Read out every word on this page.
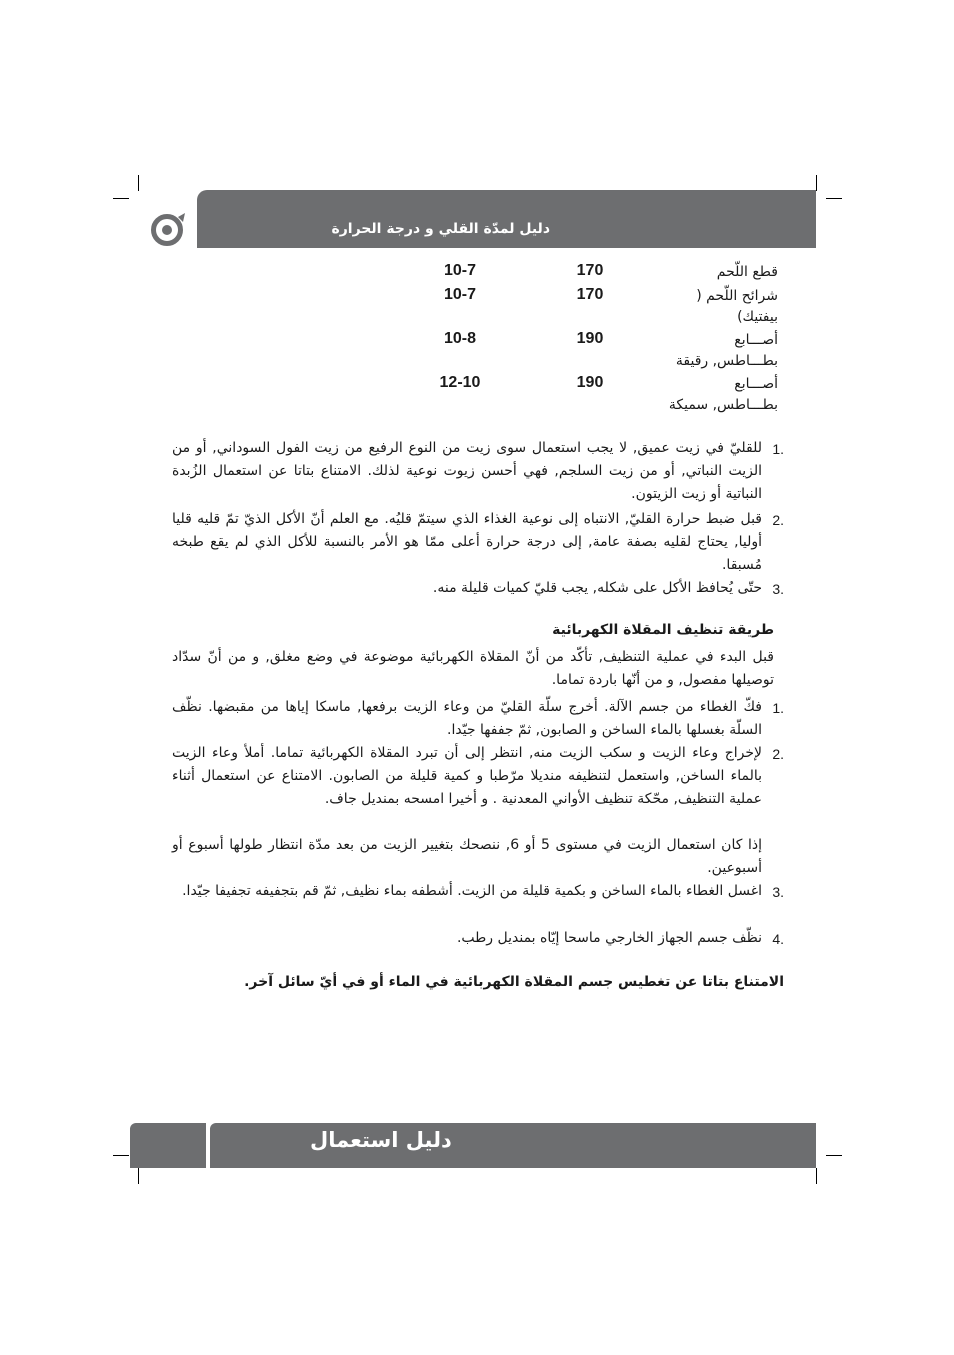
دليل لمدّة القلي و درجة الحرارة
10-7	170	قطع اللّحم
10-7	170	شرائح اللّحم ( بيفتيك)
10-8	190	أصـــابع بطـــاطس, رقيقة
12-10	190	أصـــابع بطـــاطس, سميكة
1.
للقليّ في زيت عميق, لا يجب استعمال سوى زيت من النوع الرفيع من زيت الفول السوداني, أو من الزيت النباتي, أو من زيت السلجم, فهي أحسن زيوت نوعية لذلك. الامتناع بتاتا عن استعمال الزُبدة النباتية أو زيت الزيتون.
2.
قبل ضبط حرارة القليّ, الانتباه إلى نوعية الغذاء الذي سيتمّ قليُه. مع العلم أنّ الأكل الذيّ تمّ قليه قليا أوليا, يحتاج لقليه بصفة عامة, إلى درجة حرارة أعلى ممّا هو الأمر بالنسبة للأكل الذي لم يقع طبخه مُسبقا.
3.
حتّى يُحافظ الأكل على شكله, يجب قليّ كميات قليلة منه.
طريقة تنظيف المقلاة الكهربائية
قبل البدء في عملية التنظيف, تأكّد من أنّ المقلاة الكهربائية موضوعة في وضع مغلق, و من أنّ سدّاد توصيلها مفصول, و من أنّها باردة تماما.
1.
فكّ الغطاء من جسم الآلة. أخرج سلّة القليّ من وعاء الزيت برفعها, ماسكا إياها من مقبضها. نظّف السلّة بغسلها بالماء الساخن و الصابون, ثمّ جففها جيّدا.
2.
لإخراج وعاء الزيت و سكب الزيت منه, انتظر إلى أن تبرد المقلاة الكهربائية تماما. أملأ وعاء الزيت بالماء الساخن, واستعمل لتنظيفه منديلا مرّطبا و كمية قليلة من الصابون. الامتناع عن استعمال أثناء عملية التنظيف, محّكة تنظيف الأواني المعدنية . و أخيرا امسحه بمنديل جاف.
إذا كان استعمال الزيت في مستوى 5 أو 6, ننصحك بتغيير الزيت من بعد مدّة انتظار طولها أسبوع أو أسبوعين.
3.
اغسل الغطاء بالماء الساخن و بكمية قليلة من الزيت. أشطفه بماء نظيف, ثمّ قم بتجفيفه تجفيفا جيّدا.
4.
نظّف جسم الجهاز الخارجي ماسحا إيّاه بمنديل رطب.
الامتناع بتاتا عن تغطيس جسم المقلاة الكهربائية في الماء أو في أيّ سائل آخر.
دليل استعمال
